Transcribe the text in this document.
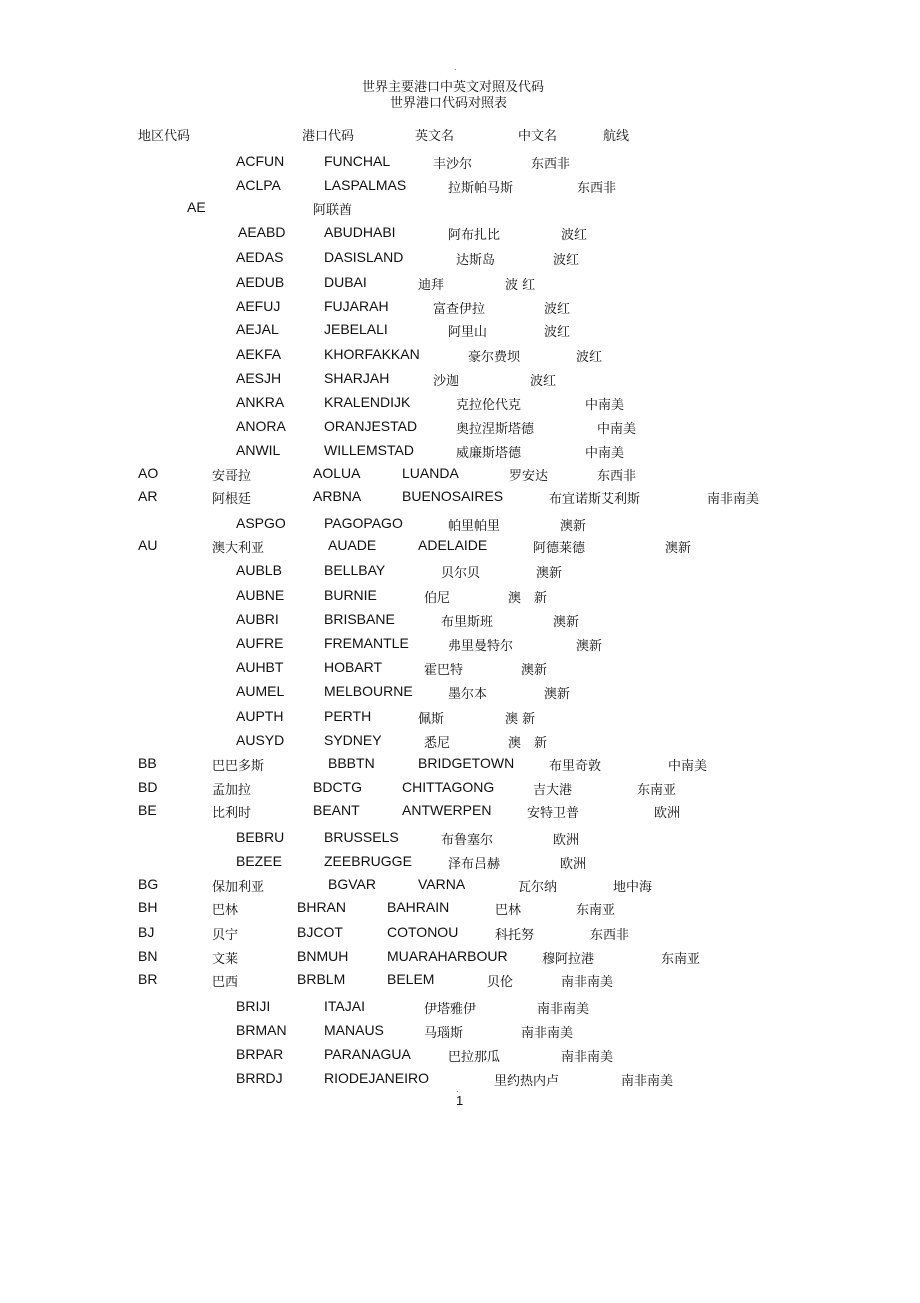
.
世界主要港口中英文对照及代码
世界港口代码对照表
地区代码	港口代码	英文名	中文名	航线
ACFUN	FUNCHAL	丰沙尔	东西非
ACLPA	LASPALMAS	拉斯帕马斯	东西非
AE	阿联酋
AEABD	ABUDHABI	阿布扎比	波红
AEDAS	DASISLAND	达斯岛	波红
AEDUB	DUBAI	迪拜	波 红
AEFUJ	FUJARAH	富查伊拉	波红
AEJAL	JEBELALI	阿里山	波红
AEKFA	KHORFAKKAN	豪尔费坝	波红
AESJH	SHARJAH	沙迦	波红
ANKRA	KRALENDIJK	克拉伦代克	中南美
ANORA	ORANJESTAD	奥拉涅斯塔德	中南美
ANWIL	WILLEMSTAD	威廉斯塔德	中南美
AO	安哥拉	AOLUA	LUANDA	罗安达	东西非
AR	阿根廷	ARBNA	BUENOSAIRES	布宜诺斯艾利斯	南非南美
ASPGO	PAGOPAGO	帕里帕里	澳新
AU	澳大利亚	AUADE	ADELAIDE	阿德莱德	澳新
AUBLB	BELLBAY	贝尔贝	澳新
AUBNE	BURNIE	伯尼	澳　新
AUBRI	BRISBANE	布里斯班	澳新
AUFRE	FREMANTLE	弗里曼特尔	澳新
AUHBT	HOBART	霍巴特	澳新
AUMEL	MELBOURNE	墨尔本	澳新
AUPTH	PERTH	佩斯	澳 新
AUSYD	SYDNEY	悉尼	澳　新
BB	巴巴多斯	BBBTN	BRIDGETOWN	布里奇敦	中南美
BD	孟加拉	BDCTG	CHITTAGONG	吉大港	东南亚
BE	比利时	BEANT	ANTWERPEN	安特卫普	欧洲
BEBRU	BRUSSELS	布鲁塞尔	欧洲
BEZEE	ZEEBRUGGE	泽布吕赫	欧洲
BG	保加利亚	BGVAR	VARNA	瓦尔纳	地中海
BH	巴林	BHRAN	BAHRAIN	巴林	东南亚
BJ	贝宁	BJCOT	COTONOU	科托努	东西非
BN	文莱	BNMUH	MUARAHARBOUR	穆阿拉港	东南亚
BR	巴西	BRBLM	BELEM	贝伦	南非南美
BRIJI	ITAJAI	伊塔雅伊	南非南美
BRMAN	MANAUS	马瑙斯	南非南美
BRPAR	PARANAGUA	巴拉那瓜	南非南美
BRRDJ	RIODEJANEIRO	里约热内卢	南非南美
.
1
